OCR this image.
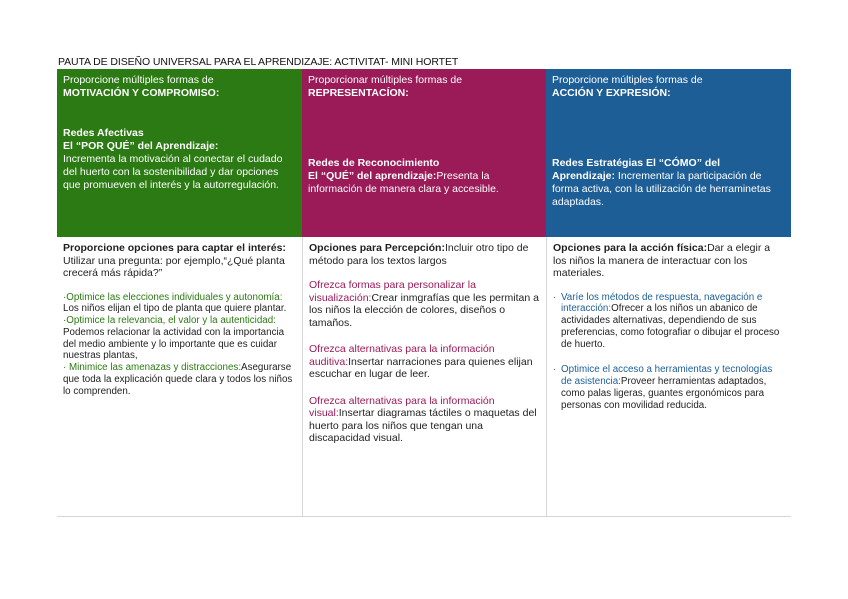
PAUTA DE DISEÑO UNIVERSAL PARA EL APRENDIZAJE: ACTIVITAT- MINI HORTET
Proporcione múltiples formas de
MOTIVACIÓN Y COMPROMISO:
Redes Afectivas
El “POR QUÉ” del Aprendizaje:
Incrementa la motivación al conectar el cudado del huerto con la sostenibilidad y dar opciones que promueven el interés y la autorregulación.
Proporcionar múltiples formas de
REPRESENTACÍON:
Redes de Reconocimiento
El “QUÉ” del aprendizaje:Presenta la información de manera clara y accesible.
Proporcione múltiples formas de
ACCIÓN Y EXPRESIÓN:
Redes Estratégias El “CÓMO” del Aprendizaje: Incrementar la participación de forma activa, con la utilización de herraminetas adaptadas.
Proporcione opciones para captar el interés: Utilizar una pregunta: por ejemplo,“¿Qué planta crecerá más rápida?”
·Optimice las elecciones individuales y autonomía: Los niños elijan el tipo de planta que quiere plantar.
·Optimice la relevancia, el valor y la autenticidad: Podemos relacionar la actividad con la importancia del medio ambiente y lo importante que es cuidar nuestras plantas,
· Minimice las amenazas y distracciones:Asegurarse que toda la explicación quede clara y todos los niños lo comprenden.
Opciones para Percepción:Incluir otro tipo de método para los textos largos
Ofrezca formas para personalizar la visualización:Crear inmgrafías que les permitan a los niños la elección de colores, diseños o tamaños.
Ofrezca alternativas para la información auditiva:Insertar narraciones para quienes elijan escuchar en lugar de leer.
Ofrezca alternativas para la información visual:Insertar diagramas táctiles o maquetas del huerto para los niños que tengan una discapacidad visual.
Opciones para la acción física:Dar a elegir a los niños la manera de interactuar con los materiales.
· Varíe los métodos de respuesta, navegación e interacción:Ofrecer a los niños un abanico de actividades alternativas, dependiendo de sus preferencias, como fotografiar o dibujar el proceso de huerto.
· Optimice el acceso a herramientas y tecnologías de asistencia:Proveer herramientas adaptados, como palas ligeras, guantes ergonómicos para personas con movilidad reducida.
